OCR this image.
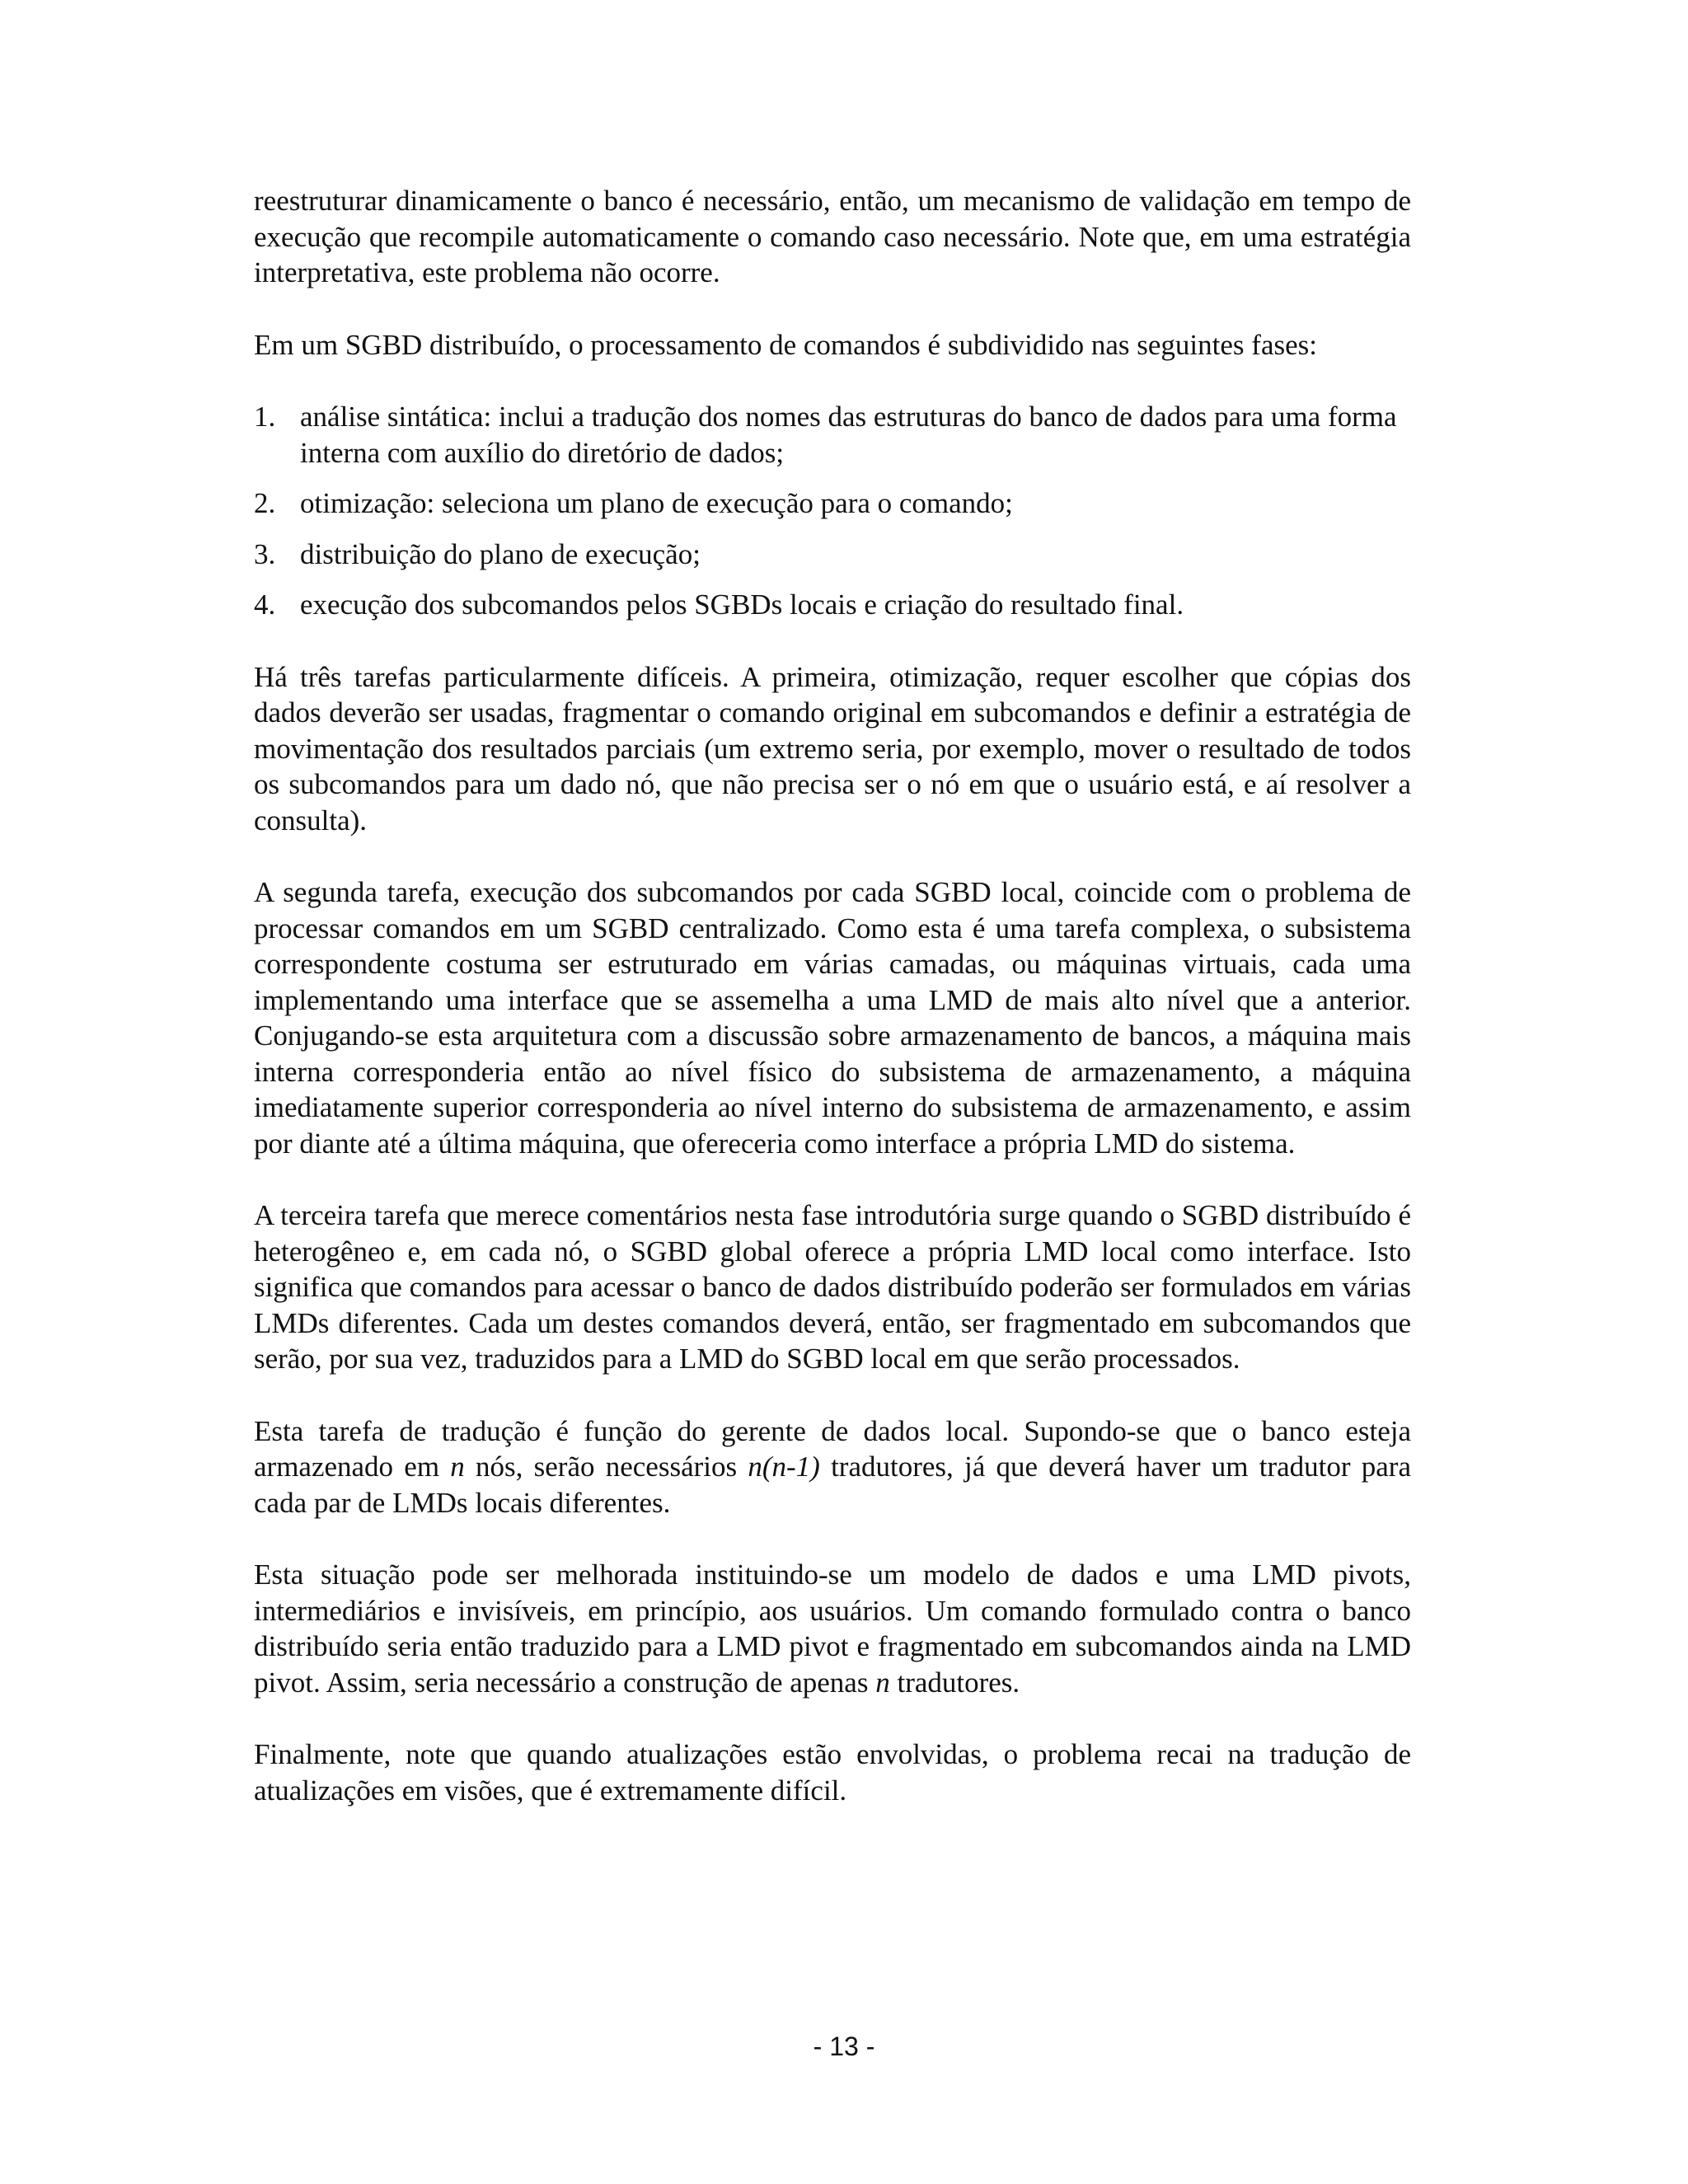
reestruturar dinamicamente o banco é necessário, então, um mecanismo de validação em tempo de execução que recompile automaticamente o comando caso necessário. Note que, em uma estratégia interpretativa, este problema não ocorre.

Em um SGBD distribuído, o processamento de comandos é subdividido nas seguintes fases:

1. análise sintática: inclui a tradução dos nomes das estruturas do banco de dados para uma forma interna com auxílio do diretório de dados;
2. otimização: seleciona um plano de execução para o comando;
3. distribuição do plano de execução;
4. execução dos subcomandos pelos SGBDs locais e criação do resultado final.

Há três tarefas particularmente difíceis. A primeira, otimização, requer escolher que cópias dos dados deverão ser usadas, fragmentar o comando original em subcomandos e definir a estratégia de movimentação dos resultados parciais (um extremo seria, por exemplo, mover o resultado de todos os subcomandos para um dado nó, que não precisa ser o nó em que o usuário está, e aí resolver a consulta).

A segunda tarefa, execução dos subcomandos por cada SGBD local, coincide com o problema de processar comandos em um SGBD centralizado. Como esta é uma tarefa complexa, o subsistema correspondente costuma ser estruturado em várias camadas, ou máquinas virtuais, cada uma implementando uma interface que se assemelha a uma LMD de mais alto nível que a anterior. Conjugando-se esta arquitetura com a discussão sobre armazenamento de bancos, a máquina mais interna corresponderia então ao nível físico do subsistema de armazenamento, a máquina imediatamente superior corresponderia ao nível interno do subsistema de armazenamento, e assim por diante até a última máquina, que ofereceria como interface a própria LMD do sistema.

A terceira tarefa que merece comentários nesta fase introdutória surge quando o SGBD distribuído é heterogêneo e, em cada nó, o SGBD global oferece a própria LMD local como interface. Isto significa que comandos para acessar o banco de dados distribuído poderão ser formulados em várias LMDs diferentes. Cada um destes comandos deverá, então, ser fragmentado em subcomandos que serão, por sua vez, traduzidos para a LMD do SGBD local em que serão processados.

Esta tarefa de tradução é função do gerente de dados local. Supondo-se que o banco esteja armazenado em n nós, serão necessários n(n-1) tradutores, já que deverá haver um tradutor para cada par de LMDs locais diferentes.

Esta situação pode ser melhorada instituindo-se um modelo de dados e uma LMD pivots, intermediários e invisíveis, em princípio, aos usuários. Um comando formulado contra o banco distribuído seria então traduzido para a LMD pivot e fragmentado em subcomandos ainda na LMD pivot. Assim, seria necessário a construção de apenas n tradutores.

Finalmente, note que quando atualizações estão envolvidas, o problema recai na tradução de atualizações em visões, que é extremamente difícil.

- 13 -
